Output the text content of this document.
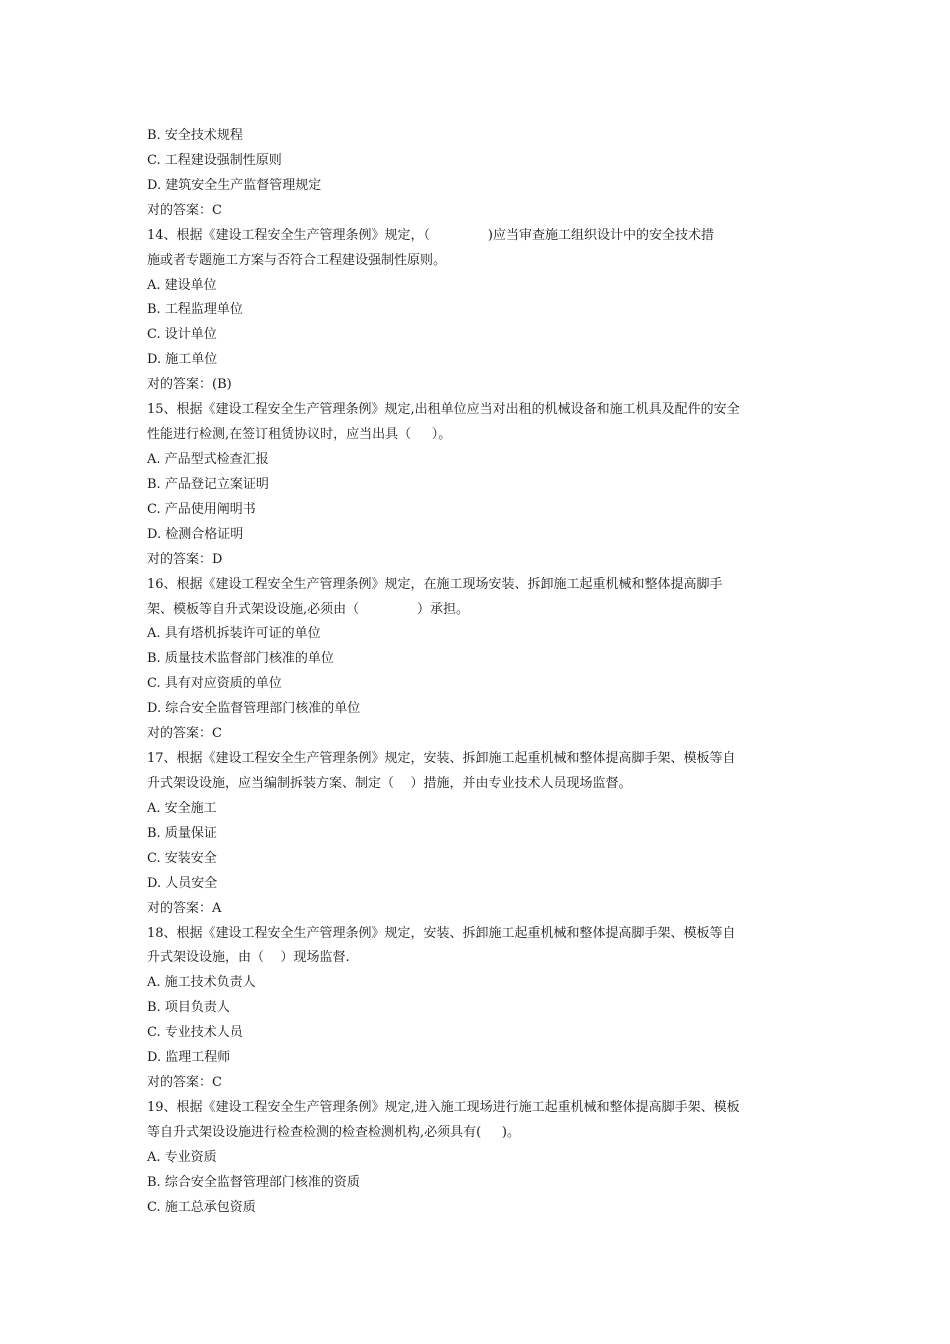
B. 安全技术规程
C. 工程建设强制性原则
D. 建筑安全生产监督管理规定
对的答案：C
14、根据《建设工程安全生产管理条例》规定，（              )应当审查施工组织设计中的安全技术措
施或者专题施工方案与否符合工程建设强制性原则。
A. 建设单位
B. 工程监理单位
C. 设计单位
D. 施工单位
对的答案：(B)
15、根据《建设工程安全生产管理条例》规定,出租单位应当对出租的机械设备和施工机具及配件的安全
性能进行检测,在签订租赁协议时，应当出具（     ）。
A. 产品型式检查汇报
B. 产品登记立案证明
C. 产品使用阐明书
D. 检测合格证明
对的答案：D
16、根据《建设工程安全生产管理条例》规定，在施工现场安装、拆卸施工起重机械和整体提高脚手
架、模板等自升式架设设施,必须由（              ）承担。
A. 具有塔机拆装许可证的单位
B. 质量技术监督部门核准的单位
C. 具有对应资质的单位
D. 综合安全监督管理部门核准的单位
对的答案：C
17、根据《建设工程安全生产管理条例》规定，安装、拆卸施工起重机械和整体提高脚手架、模板等自
升式架设设施，应当编制拆装方案、制定（    ）措施，并由专业技术人员现场监督。
A. 安全施工
B. 质量保证
C. 安装安全
D. 人员安全
对的答案：A
18、根据《建设工程安全生产管理条例》规定，安装、拆卸施工起重机械和整体提高脚手架、模板等自
升式架设设施，由（    ）现场监督.
A. 施工技术负责人
B. 项目负责人
C. 专业技术人员
D. 监理工程师
对的答案：C
19、根据《建设工程安全生产管理条例》规定,进入施工现场进行施工起重机械和整体提高脚手架、模板
等自升式架设设施进行检查检测的检查检测机构,必须具有(     )。
A. 专业资质
B. 综合安全监督管理部门核准的资质
C. 施工总承包资质
